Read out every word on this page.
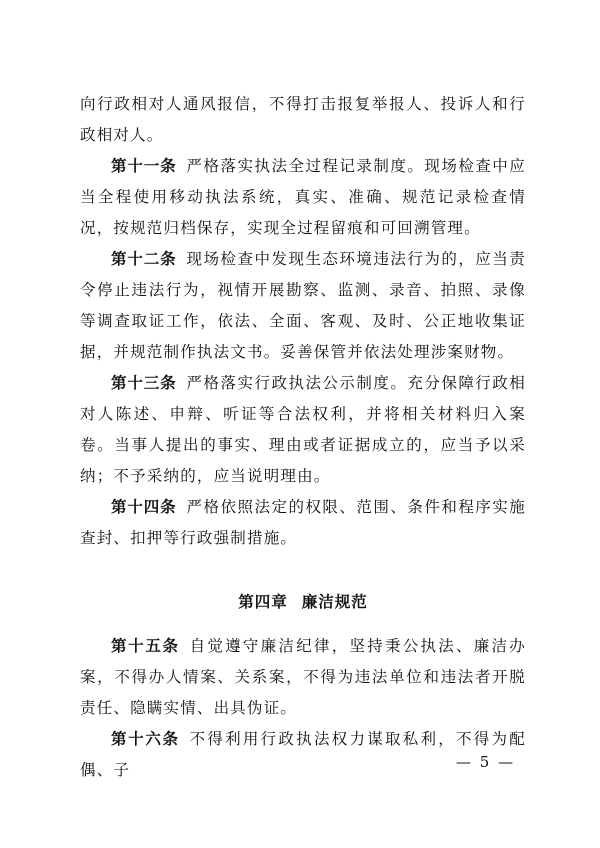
向行政相对人通风报信，不得打击报复举报人、投诉人和行政相对人。

第十一条 严格落实执法全过程记录制度。现场检查中应当全程使用移动执法系统，真实、准确、规范记录检查情况，按规范归档保存，实现全过程留痕和可回溯管理。

第十二条 现场检查中发现生态环境违法行为的，应当责令停止违法行为，视情开展勘察、监测、录音、拍照、录像等调查取证工作，依法、全面、客观、及时、公正地收集证据，并规范制作执法文书。妥善保管并依法处理涉案财物。

第十三条 严格落实行政执法公示制度。充分保障行政相对人陈述、申辩、听证等合法权利，并将相关材料归入案卷。当事人提出的事实、理由或者证据成立的，应当予以采纳；不予采纳的，应当说明理由。

第十四条 严格依照法定的权限、范围、条件和程序实施查封、扣押等行政强制措施。

第四章 廉洁规范

第十五条 自觉遵守廉洁纪律，坚持秉公执法、廉洁办案，不得办人情案、关系案，不得为违法单位和违法者开脱责任、隐瞒实情、出具伪证。

第十六条 不得利用行政执法权力谋取私利，不得为配偶、子	— 5 —
